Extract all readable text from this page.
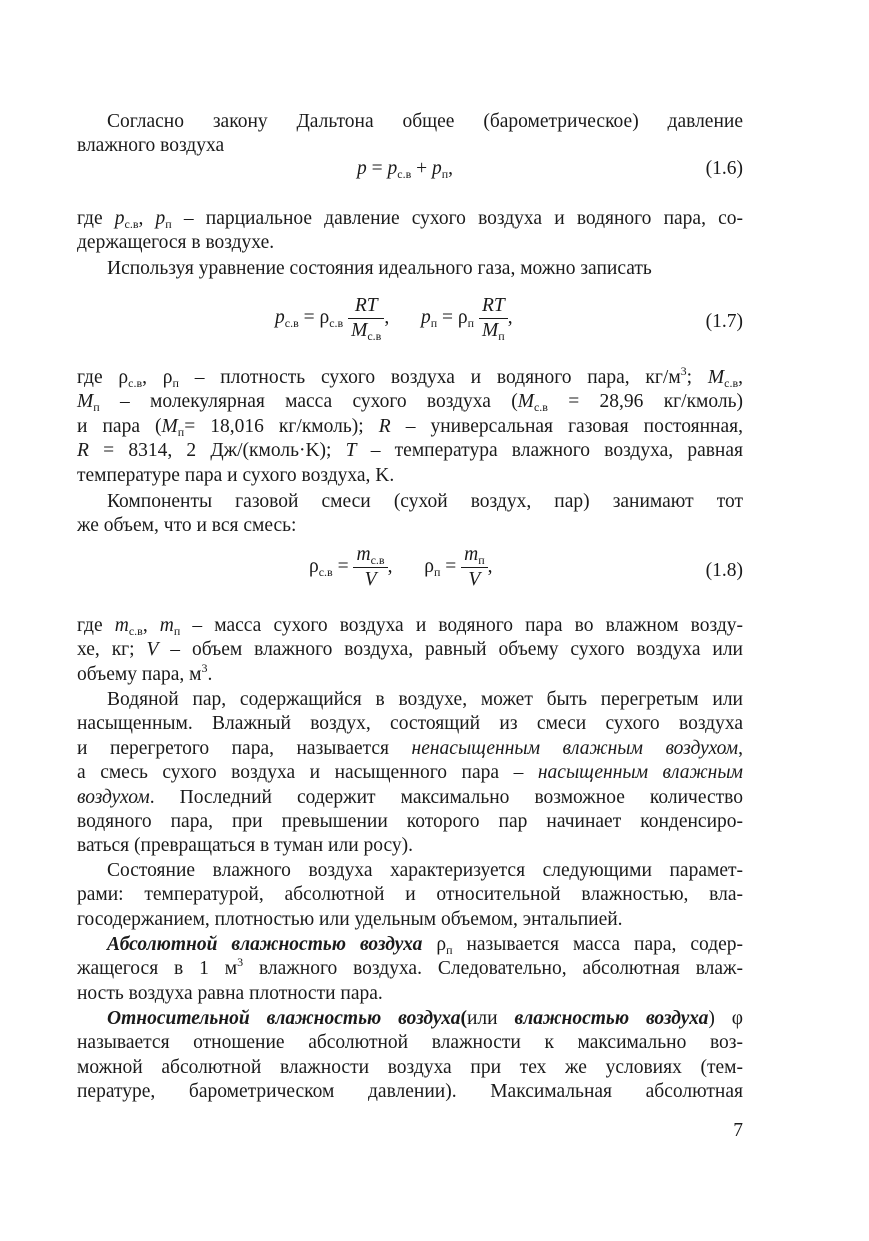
Согласно закону Дальтона общее (барометрическое) давление
влажного воздуха
$p = p_{с.в} + p_п$,	(1.6)
где $p_{с.в}$, $p_п$ – парциальное давление сухого воздуха и водяного пара, со-
держащегося в воздухе.
Используя уравнение состояния идеального газа, можно записать
$p_{с.в} = \rho_{с.в} \frac{RT}{M_{с.в}}$ , $p_п = \rho_п \frac{RT}{M_п}$ ,	(1.7)
где $\rho_{с.в}$, $\rho_п$ – плотность сухого воздуха и водяного пара, $кг/м^3$; $M_{с.в}$,
$M_п$ – молекулярная масса сухого воздуха ($M_{с.в} = 28,96$ кг/кмоль)
и пара ($M_п= 18,016$ кг/кмоль); R – универсальная газовая постоянная,
R = 8314, 2 Дж/(кмоль·K); T – температура влажного воздуха, равная
температуре пара и сухого воздуха, K.
Компоненты газовой смеси (сухой воздух, пар) занимают тот
же объем, что и вся смесь:
$\rho_{с.в} = \frac{m_{с.в}}{V}$ , $\rho_п = \frac{m_п}{V}$ ,	(1.8)
где $m_{с.в}$, $m_п$ – масса сухого воздуха и водяного пара во влажном возду-
хе, кг; V – объем влажного воздуха, равный объему сухого воздуха или
объему пара, $м^3$.
Водяной пар, содержащийся в воздухе, может быть перегретым или
насыщенным. Влажный воздух, состоящий из смеси сухого воздуха
и перегретого пара, называется ненасыщенным влажным воздухом,
а смесь сухого воздуха и насыщенного пара – насыщенным влажным
воздухом. Последний содержит максимально возможное количество
водяного пара, при превышении которого пар начинает конденсиро-
ваться (превращаться в туман или росу).
Состояние влажного воздуха характеризуется следующими парамет-
рами: температурой, абсолютной и относительной влажностью, вла-
госодержанием, плотностью или удельным объемом, энтальпией.
Абсолютной влажностью воздуха $\rho_п$ называется масса пара, содер-
жащегося в 1 $м^3$ влажного воздуха. Следовательно, абсолютная влаж-
ность воздуха равна плотности пара.
Относительной влажностью воздуха(или влажностью воздуха) φ
называется отношение абсолютной влажности к максимально воз-
можной абсолютной влажности воздуха при тех же условиях (тем-
пературе, барометрическом давлении). Максимальная абсолютная
7
